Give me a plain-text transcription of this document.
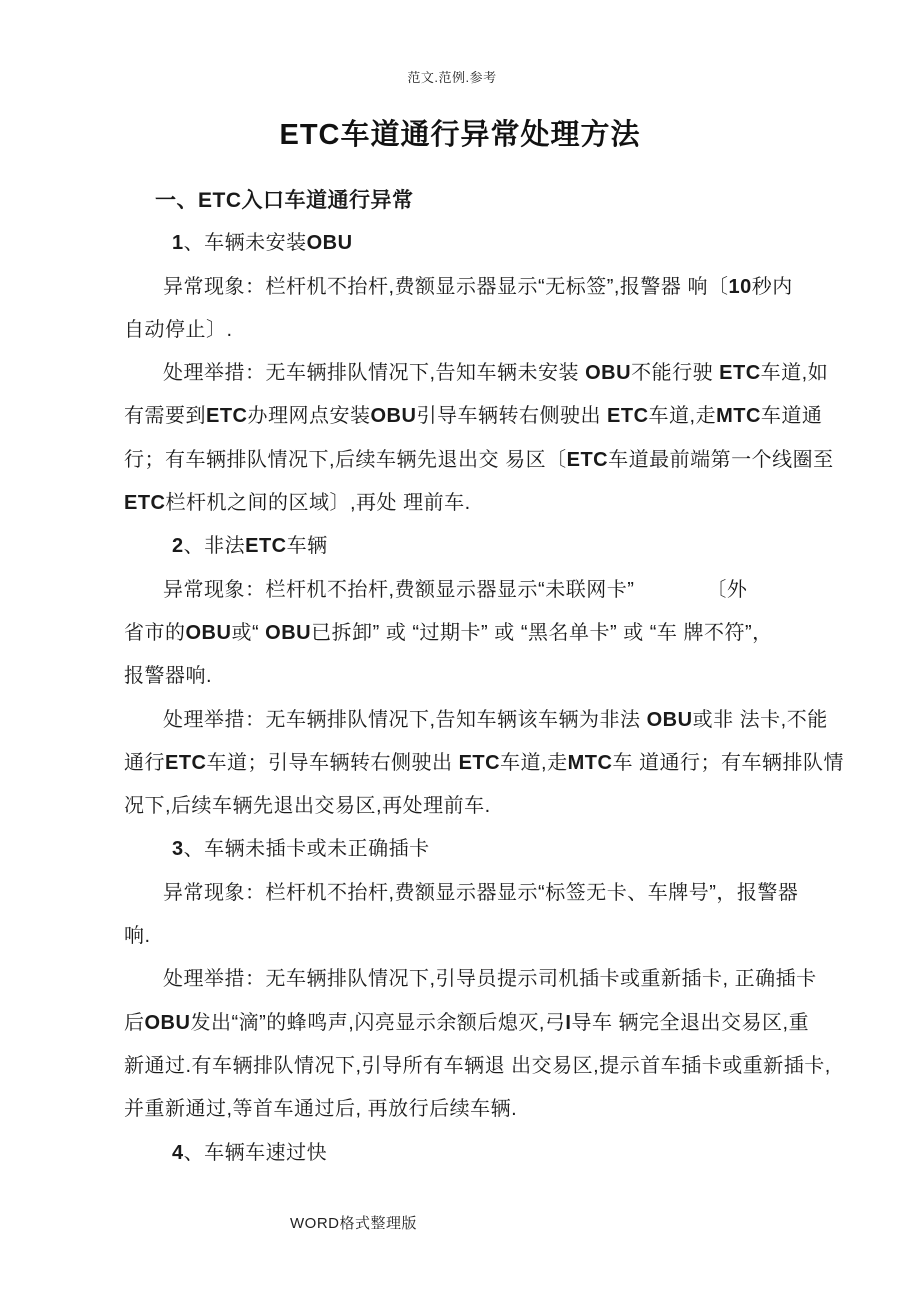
范文.范例.参考
ETC车道通行异常处理方法
一、ETC入口车道通行异常
1、车辆未安装OBU
异常现象：栏杆机不抬杆,费额显示器显示“无标签”,报警器 响〔10秒内
自动停止〕.
处理举措：无车辆排队情况下,告知车辆未安装 OBU不能行驶 ETC车道,如
有需要到ETC办理网点安装OBU引导车辆转右侧驶出 ETC车道,走MTC车道通
行；有车辆排队情况下,后续车辆先退出交 易区〔ETC车道最前端第一个线圈至
ETC栏杆机之间的区域〕,再处 理前车.
2、非法ETC车辆
异常现象：栏杆机不抬杆,费额显示器显示“未联网卡”　　　　〔外
省市的OBU或“ OBU已拆卸” 或 “过期卡” 或 “黑名单卡” 或 “车 牌不符”，
报警器响.
处理举措：无车辆排队情况下,告知车辆该车辆为非法 OBU或非 法卡,不能
通行ETC车道；引导车辆转右侧驶出 ETC车道,走MTC车 道通行；有车辆排队情
况下,后续车辆先退出交易区,再处理前车.
3、车辆未插卡或未正确插卡
异常现象：栏杆机不抬杆,费额显示器显示“标签无卡、车牌号”，报警器
响.
处理举措：无车辆排队情况下,引导员提示司机插卡或重新插卡, 正确插卡
后OBU发出“滴”的蜂鸣声,闪亮显示余额后熄灭,弓I导车 辆完全退出交易区,重
新通过.有车辆排队情况下,引导所有车辆退 出交易区,提示首车插卡或重新插卡,
并重新通过,等首车通过后, 再放行后续车辆.
4、车辆车速过快
WORD格式整理版
